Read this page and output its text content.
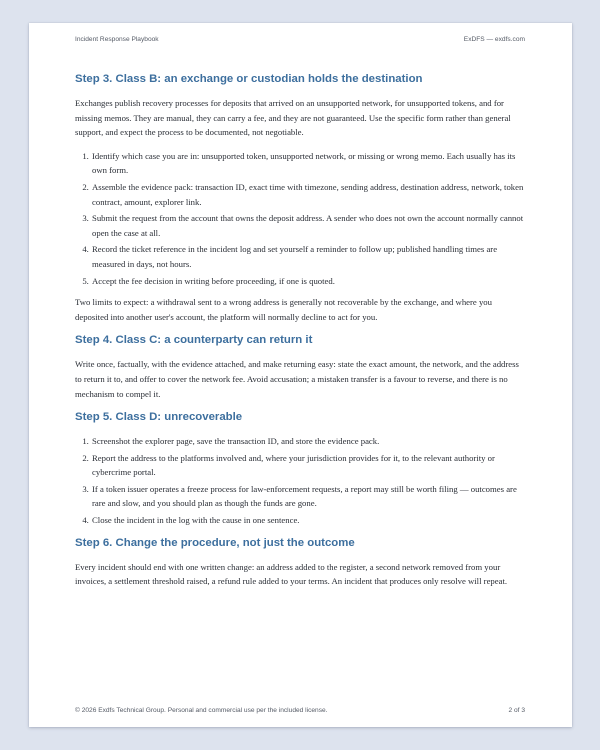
Incident Response Playbook	ExDFS — exdfs.com
Step 3. Class B: an exchange or custodian holds the destination

Exchanges publish recovery processes for deposits that arrived on an unsupported network, for unsupported tokens, and for missing memos. They are manual, they can carry a fee, and they are not guaranteed. Use the specific form rather than general support, and expect the process to be documented, not negotiable.

1. Identify which case you are in: unsupported token, unsupported network, or missing or wrong memo. Each usually has its own form.
2. Assemble the evidence pack: transaction ID, exact time with timezone, sending address, destination address, network, token contract, amount, explorer link.
3. Submit the request from the account that owns the deposit address. A sender who does not own the account normally cannot open the case at all.
4. Record the ticket reference in the incident log and set yourself a reminder to follow up; published handling times are measured in days, not hours.
5. Accept the fee decision in writing before proceeding, if one is quoted.

Two limits to expect: a withdrawal sent to a wrong address is generally not recoverable by the exchange, and where you deposited into another user's account, the platform will normally decline to act for you.

Step 4. Class C: a counterparty can return it

Write once, factually, with the evidence attached, and make returning easy: state the exact amount, the network, and the address to return it to, and offer to cover the network fee. Avoid accusation; a mistaken transfer is a favour to reverse, and there is no mechanism to compel it.

Step 5. Class D: unrecoverable
1. Screenshot the explorer page, save the transaction ID, and store the evidence pack.
2. Report the address to the platforms involved and, where your jurisdiction provides for it, to the relevant authority or cybercrime portal.
3. If a token issuer operates a freeze process for law-enforcement requests, a report may still be worth filing — outcomes are rare and slow, and you should plan as though the funds are gone.
4. Close the incident in the log with the cause in one sentence.
Step 6. Change the procedure, not just the outcome

Every incident should end with one written change: an address added to the register, a second network removed from your invoices, a settlement threshold raised, a refund rule added to your terms. An incident that produces only resolve will repeat.

© 2026 Exdfs Technical Group. Personal and commercial use per the included license.	2 of 3
